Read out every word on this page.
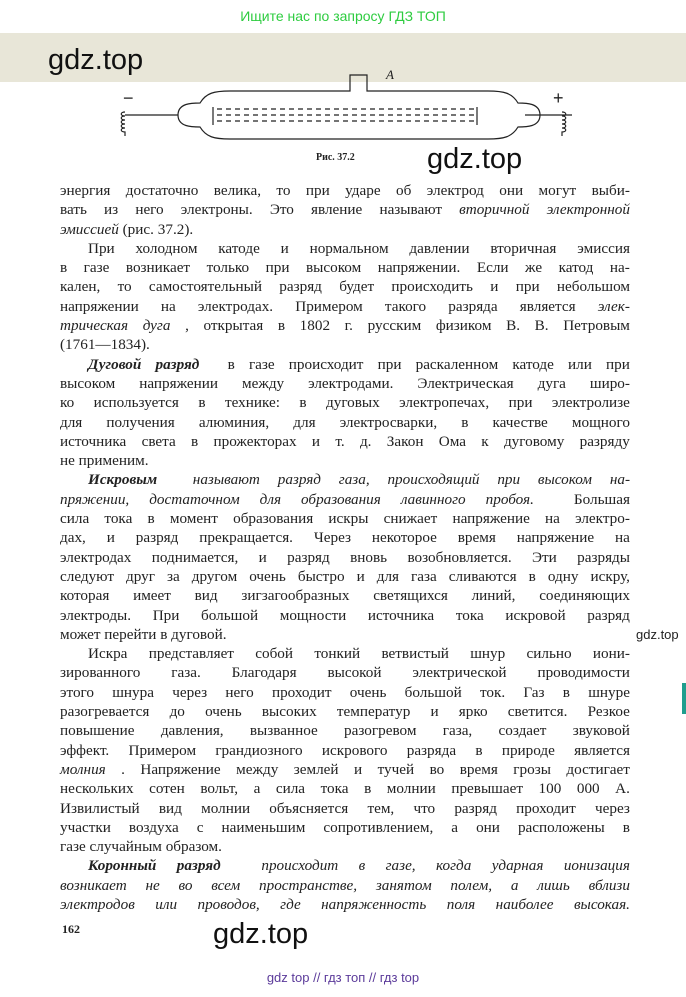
Ищите нас по запросу ГДЗ ТОП
gdz.top
gdz.top
gdz.top
gdz.top
A
−	+
Рис. 37.2
энергия достаточно велика, то при ударе об электрод они могут выби-
вать из него электроны. Это явление называют вторичной электронной
эмиссией
(рис. 37.2).
При холодном катоде и нормальном давлении вторичная эмиссия
в газе возникает только при высоком напряжении. Если же катод на-
кален, то самостоятельный разряд будет происходить и при небольшом
напряжении на электродах. Примером такого разряда является элек-
трическая дуга , открытая в 1802 г. русским физиком В. В. Петровым
(1761—1834).
Дуговой разряд в газе происходит при раскаленном катоде или при
высоком напряжении между электродами. Электрическая дуга широ-
ко используется в технике: в дуговых электропечах, при электролизе
для получения алюминия, для электросварки, в качестве мощного
источника света в прожекторах и т. д. Закон Ома к дуговому разряду
не применим.
Искровым называют разряд газа, происходящий при высоком на-
пряжении, достаточном для образования лавинного пробоя.	Большая
сила тока в момент образования искры снижает напряжение на электро-
дах, и разряд прекращается. Через некоторое время напряжение на
электродах поднимается, и разряд вновь возобновляется. Эти разряды
следуют друг за другом очень быстро и для газа сливаются в одну искру,
которая имеет вид зигзагообразных светящихся линий, соединяющих
электроды. При большой мощности источника тока искровой разряд
может перейти в дуговой.
Искра представляет собой тонкий ветвистый шнур сильно иони-
зированного газа. Благодаря высокой электрической проводимости
этого шнура через него проходит очень большой ток. Газ в шнуре
разогревается до очень высоких температур и ярко светится. Резкое
повышение давления, вызванное разогревом газа, создает звуковой
эффект. Примером грандиозного искрового разряда в природе является
молния . Напряжение между землей и тучей во время грозы достигает
нескольких сотен вольт, а сила тока в молнии превышает 100 000 А.
Извилистый вид молнии объясняется тем, что разряд проходит через
участки воздуха с наименьшим сопротивлением, а они расположены в
газе случайным образом.
Коронный разряд	происходит в газе, когда ударная ионизация
возникает не во всем пространстве, занятом полем, а лишь вблизи
электродов или проводов, где напряженность поля наиболее высокая.
162
gdz top // гдз топ // гдз top
